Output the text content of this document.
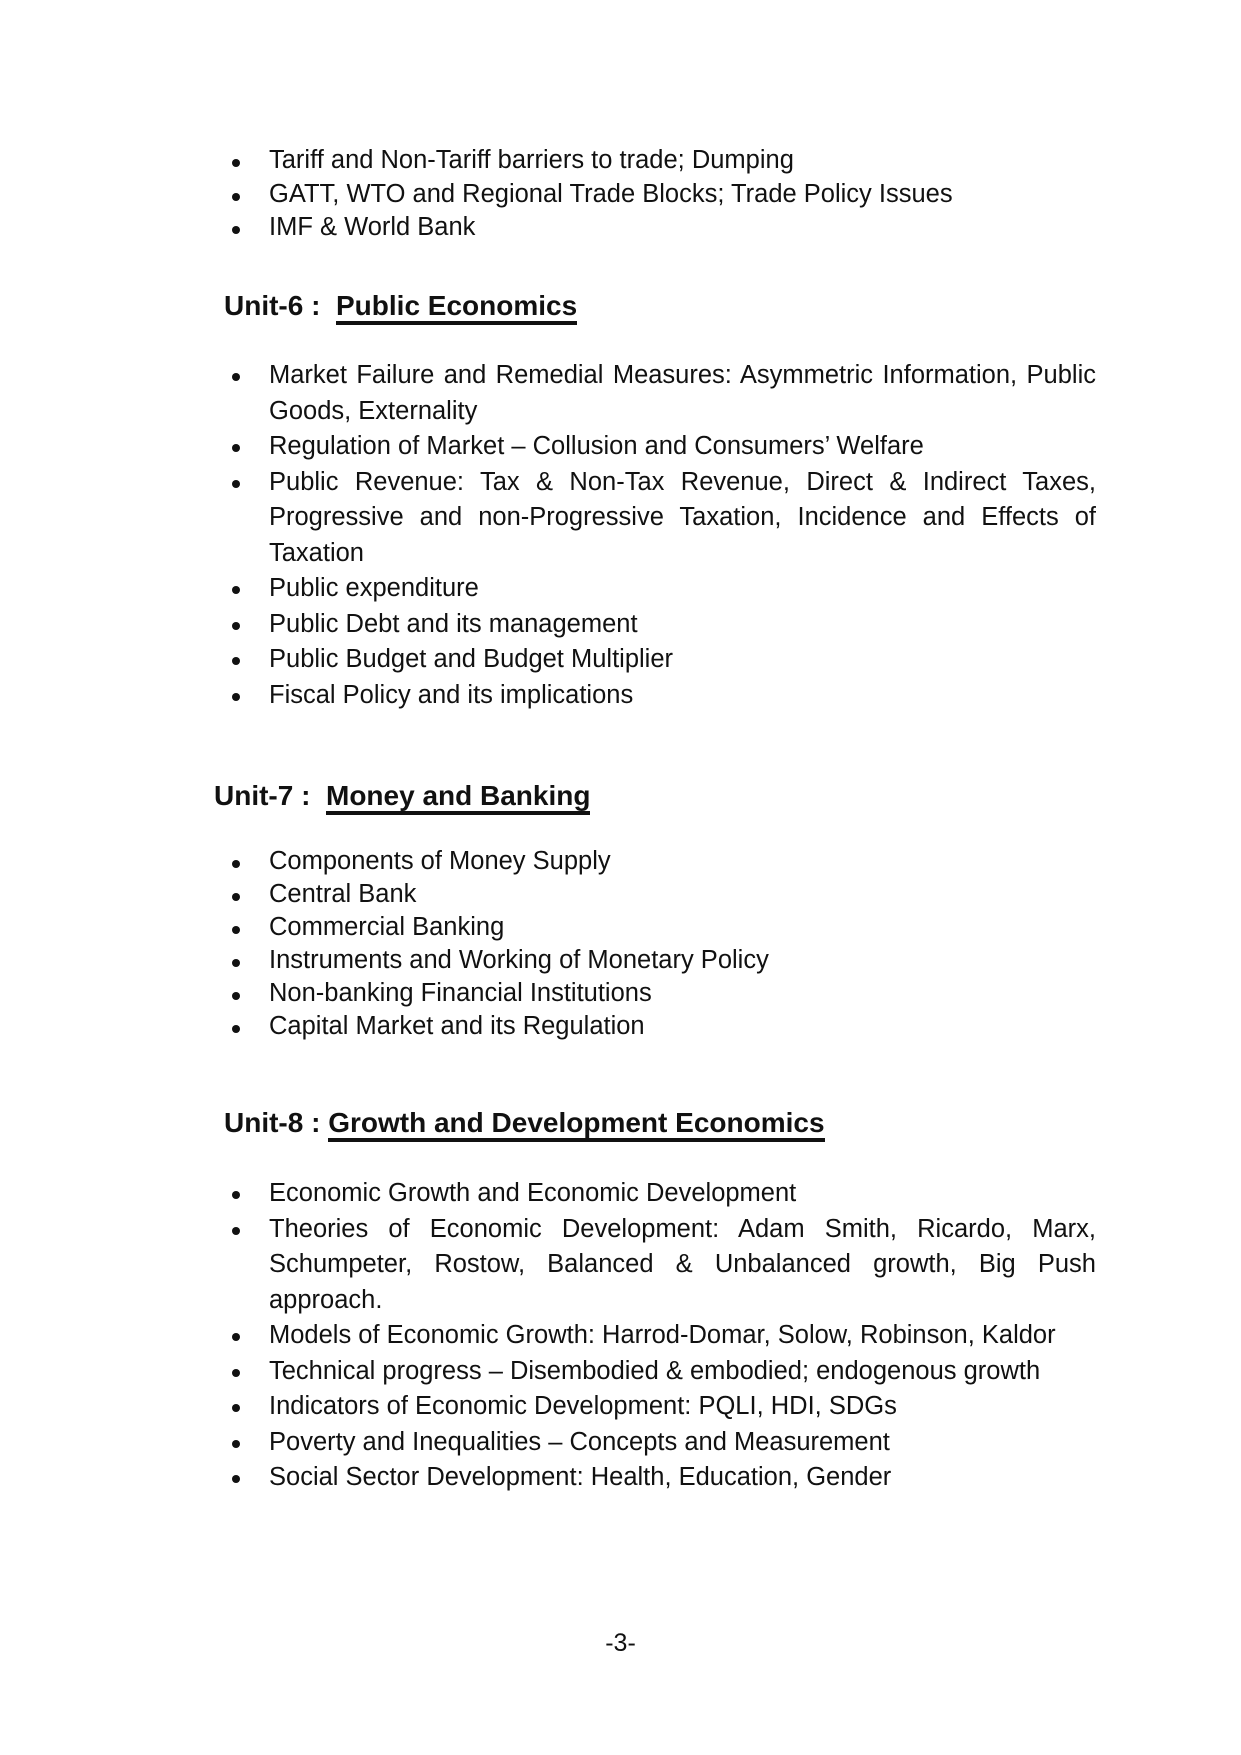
Tariff and Non-Tariff barriers to trade; Dumping
GATT, WTO and Regional Trade Blocks; Trade Policy Issues
IMF & World Bank
Unit-6 : Public Economics
Market Failure and Remedial Measures: Asymmetric Information, Public Goods, Externality
Regulation of Market – Collusion and Consumers’ Welfare
Public Revenue: Tax & Non-Tax Revenue, Direct & Indirect Taxes, Progressive and non-Progressive Taxation, Incidence and Effects of Taxation
Public expenditure
Public Debt and its management
Public Budget and Budget Multiplier
Fiscal Policy and its implications
Unit-7 : Money and Banking
Components of Money Supply
Central Bank
Commercial Banking
Instruments and Working of Monetary Policy
Non-banking Financial Institutions
Capital Market and its Regulation
Unit-8 : Growth and Development Economics
Economic Growth and Economic Development
Theories of Economic Development: Adam Smith, Ricardo, Marx, Schumpeter, Rostow, Balanced & Unbalanced growth, Big Push approach.
Models of Economic Growth: Harrod-Domar, Solow, Robinson, Kaldor
Technical progress – Disembodied & embodied; endogenous growth
Indicators of Economic Development: PQLI, HDI, SDGs
Poverty and Inequalities – Concepts and Measurement
Social Sector Development: Health, Education, Gender
-3-
